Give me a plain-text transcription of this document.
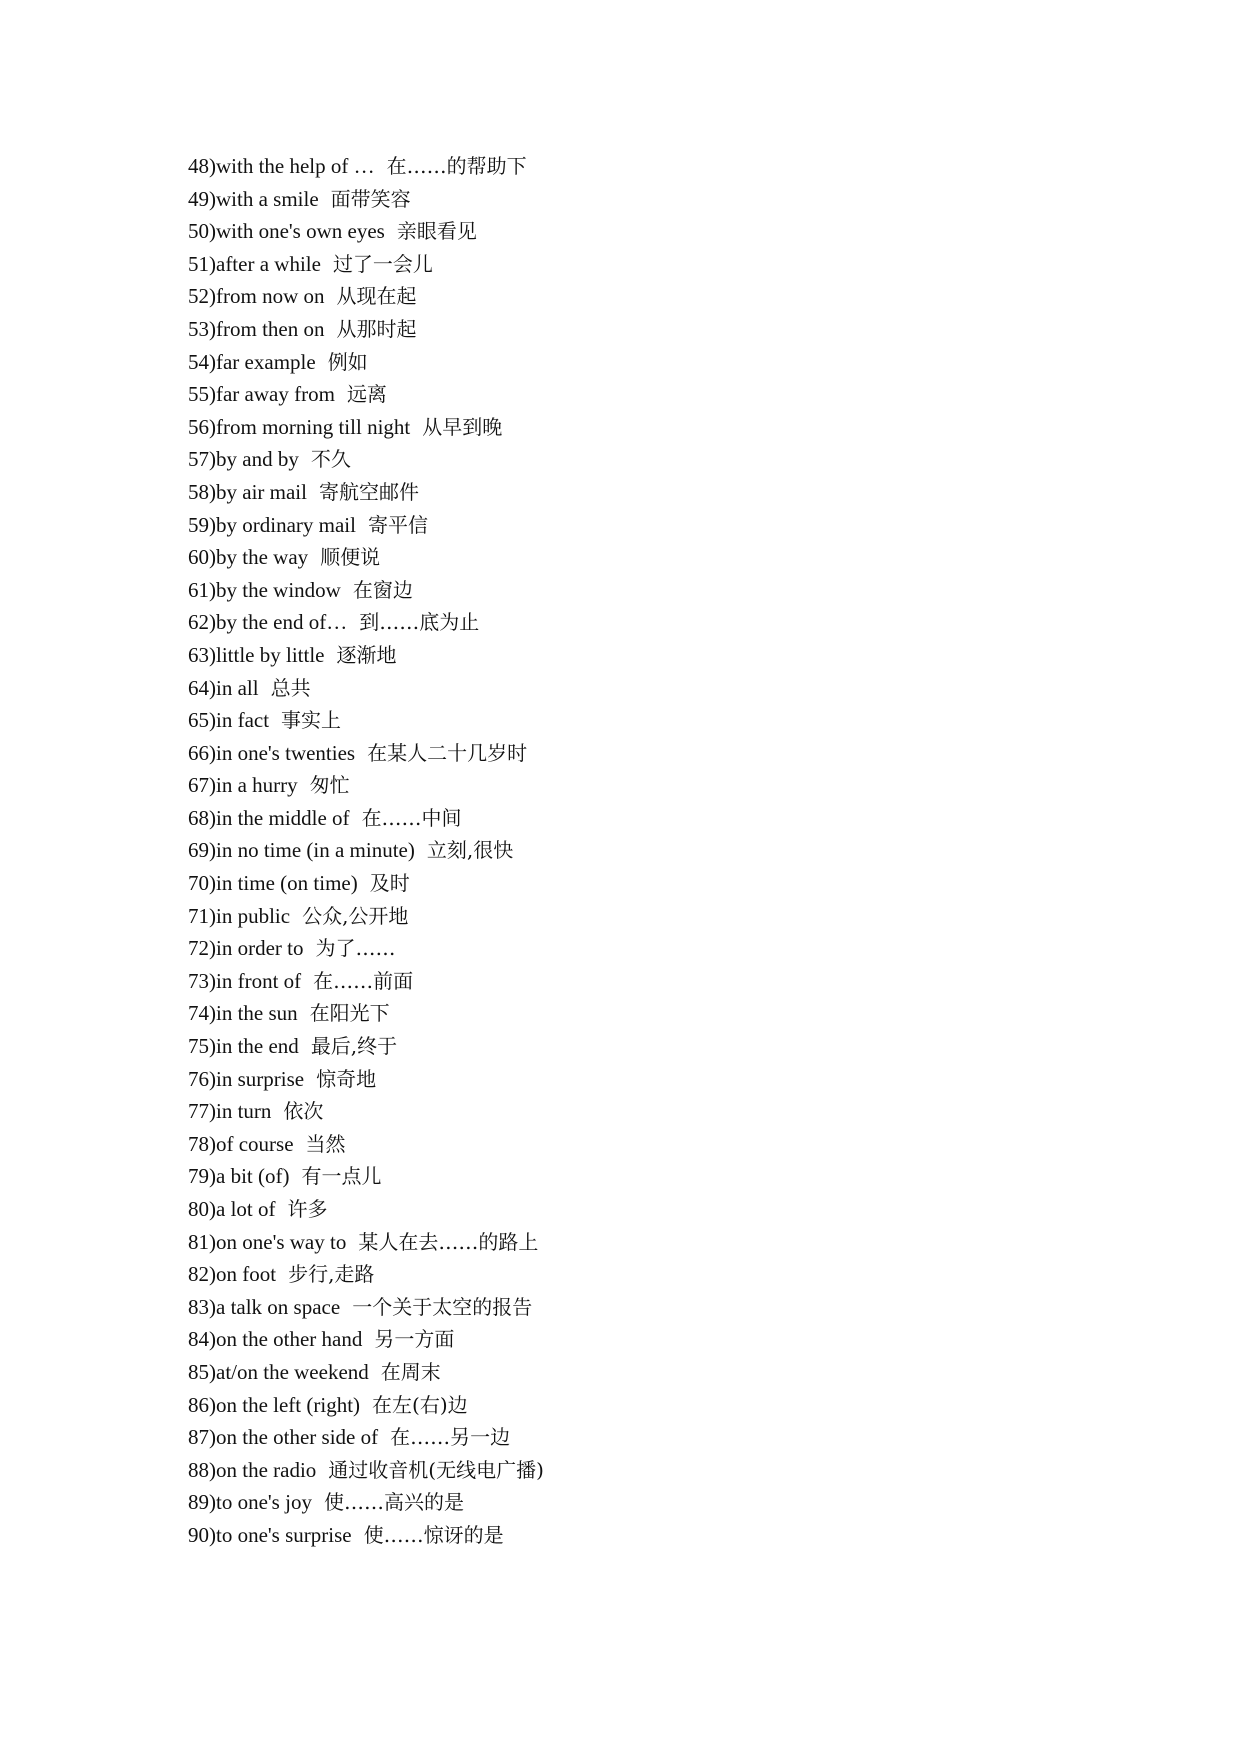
48)with the help of … 在……的帮助下
49)with a smile 面带笑容
50)with one's own eyes 亲眼看见
51)after a while 过了一会儿
52)from now on 从现在起
53)from then on 从那时起
54)far example 例如
55)far away from 远离
56)from morning till night 从早到晚
57)by and by 不久
58)by air mail 寄航空邮件
59)by ordinary mail 寄平信
60)by the way 顺便说
61)by the window 在窗边
62)by the end of… 到……底为止
63)little by little 逐渐地
64)in all 总共
65)in fact 事实上
66)in one's twenties 在某人二十几岁时
67)in a hurry 匆忙
68)in the middle of 在……中间
69)in no time (in a minute) 立刻,很快
70)in time (on time) 及时
71)in public 公众,公开地
72)in order to 为了……
73)in front of 在……前面
74)in the sun 在阳光下
75)in the end 最后,终于
76)in surprise 惊奇地
77)in turn 依次
78)of course 当然
79)a bit (of) 有一点儿
80)a lot of 许多
81)on one's way to 某人在去……的路上
82)on foot 步行,走路
83)a talk on space 一个关于太空的报告
84)on the other hand 另一方面
85)at/on the weekend 在周末
86)on the left (right) 在左(右)边
87)on the other side of 在……另一边
88)on the radio 通过收音机(无线电广播)
89)to one's joy 使……高兴的是
90)to one's surprise 使……惊讶的是
